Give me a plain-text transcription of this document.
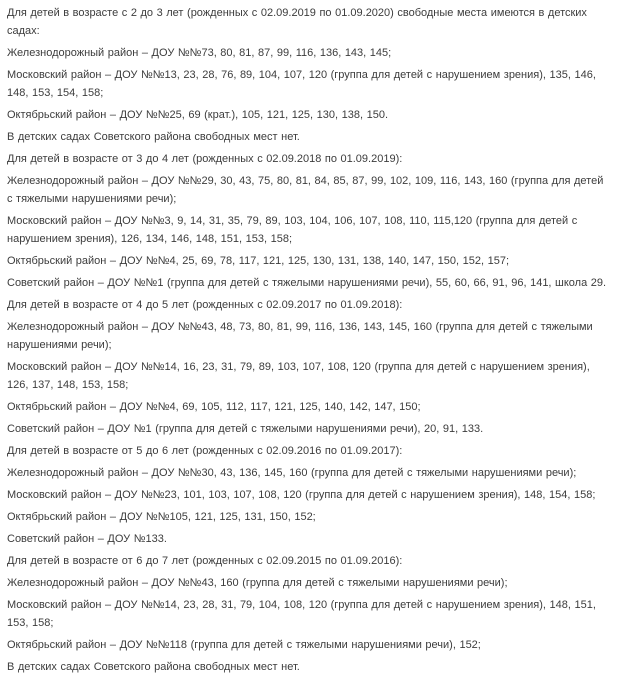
Для детей в возрасте с 2 до 3 лет (рожденных с 02.09.2019 по 01.09.2020) свободные места имеются в детских садах:

Железнодорожный район – ДОУ №№73, 80, 81, 87, 99, 116, 136, 143, 145;

Московский район – ДОУ №№13, 23, 28, 76, 89, 104, 107, 120 (группа для детей с нарушением зрения), 135, 146, 148, 153, 154, 158;

Октябрьский район – ДОУ №№25, 69 (крат.), 105, 121, 125, 130, 138, 150.

В детских садах Советского района свободных мест нет.

Для детей в возрасте от 3 до 4 лет (рожденных с 02.09.2018 по 01.09.2019):

Железнодорожный район – ДОУ №№29, 30, 43, 75, 80, 81, 84, 85, 87, 99, 102, 109, 116, 143, 160 (группа для детей с тяжелыми нарушениями речи);

Московский район – ДОУ №№3, 9, 14, 31, 35, 79, 89, 103, 104, 106, 107, 108, 110, 115,120 (группа для детей с нарушением зрения), 126, 134, 146, 148, 151, 153, 158;

Октябрьский район – ДОУ №№4, 25, 69, 78, 117, 121, 125, 130, 131, 138, 140, 147, 150, 152, 157;

Советский район – ДОУ №№1 (группа для детей с тяжелыми нарушениями речи), 55, 60, 66, 91, 96, 141, школа 29.

Для детей в возрасте от 4 до 5 лет (рожденных с 02.09.2017 по 01.09.2018):

Железнодорожный район – ДОУ №№43, 48, 73, 80, 81, 99, 116, 136, 143, 145, 160 (группа для детей с тяжелыми нарушениями речи);

Московский район – ДОУ №№14, 16, 23, 31, 79, 89, 103, 107, 108, 120 (группа для детей с нарушением зрения), 126, 137, 148, 153, 158;

Октябрьский район – ДОУ №№4, 69, 105, 112, 117, 121, 125, 140, 142, 147, 150;

Советский район – ДОУ №1 (группа для детей с тяжелыми нарушениями речи), 20, 91, 133.

Для детей в возрасте от 5 до 6 лет (рожденных с 02.09.2016 по 01.09.2017):

Железнодорожный район – ДОУ №№30, 43, 136, 145, 160 (группа для детей с тяжелыми нарушениями речи);

Московский район – ДОУ №№23, 101, 103, 107, 108, 120 (группа для детей с нарушением зрения), 148, 154, 158;

Октябрьский район – ДОУ №№105, 121, 125, 131, 150, 152;

Советский район – ДОУ №133.

Для детей в возрасте от 6 до 7 лет (рожденных с 02.09.2015 по 01.09.2016):

Железнодорожный район – ДОУ №№43, 160 (группа для детей с тяжелыми нарушениями речи);

Московский район – ДОУ №№14, 23, 28, 31, 79, 104, 108, 120 (группа для детей с нарушением зрения), 148, 151, 153, 158;

Октябрьский район – ДОУ №№118 (группа для детей с тяжелыми нарушениями речи), 152;

В детских садах Советского района свободных мест нет.
